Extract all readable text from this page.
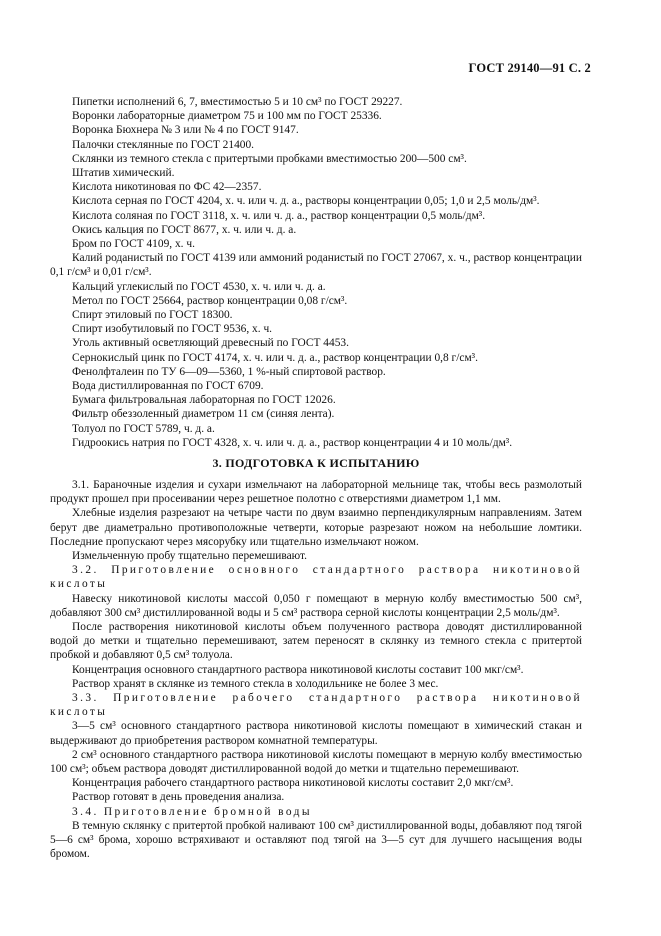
ГОСТ 29140—91 С. 2

Пипетки исполнений 6, 7, вместимостью 5 и 10 см³ по ГОСТ 29227.

Воронки лабораторные диаметром 75 и 100 мм по ГОСТ 25336.

Воронка Бюхнера № 3 или № 4 по ГОСТ 9147.

Палочки стеклянные по ГОСТ 21400.

Склянки из темного стекла с притертыми пробками вместимостью 200—500 см³.

Штатив химический.

Кислота никотиновая по ФС 42—2357.

Кислота серная по ГОСТ 4204, х. ч. или ч. д. а., растворы концентрации 0,05; 1,0 и 2,5 моль/дм³.

Кислота соляная по ГОСТ 3118, х. ч. или ч. д. а., раствор концентрации 0,5 моль/дм³.

Окись кальция по ГОСТ 8677, х. ч. или ч. д. а.

Бром по ГОСТ 4109, х. ч.

Калий роданистый по ГОСТ 4139 или аммоний роданистый по ГОСТ 27067, х. ч., раствор концентрации 0,1 г/см³ и 0,01 г/см³.

Кальций углекислый по ГОСТ 4530, х. ч. или ч. д. а.

Метол по ГОСТ 25664, раствор концентрации 0,08 г/см³.

Спирт этиловый по ГОСТ 18300.

Спирт изобутиловый по ГОСТ 9536, х. ч.

Уголь активный осветляющий древесный по ГОСТ 4453.

Сернокислый цинк по ГОСТ 4174, х. ч. или ч. д. а., раствор концентрации 0,8 г/см³.

Фенолфталеин по ТУ 6—09—5360, 1 %-ный спиртовой раствор.

Вода дистиллированная по ГОСТ 6709.

Бумага фильтровальная лабораторная по ГОСТ 12026.

Фильтр обеззоленный диаметром 11 см (синяя лента).

Толуол по ГОСТ 5789, ч. д. а.

Гидроокись натрия по ГОСТ 4328, х. ч. или ч. д. а., раствор концентрации 4 и 10 моль/дм³.

3. ПОДГОТОВКА К ИСПЫТАНИЮ

3.1. Бараночные изделия и сухари измельчают на лабораторной мельнице так, чтобы весь размолотый продукт прошел при просеивании через решетное полотно с отверстиями диаметром 1,1 мм.

Хлебные изделия разрезают на четыре части по двум взаимно перпендикулярным направлениям. Затем берут две диаметрально противоположные четверти, которые разрезают ножом на небольшие ломтики. Последние пропускают через мясорубку или тщательно измельчают ножом.

Измельченную пробу тщательно перемешивают.

3.2. Приготовление основного стандартного раствора никотиновой кислоты

Навеску никотиновой кислоты массой 0,050 г помещают в мерную колбу вместимостью 500 см³, добавляют 300 см³ дистиллированной воды и 5 см³ раствора серной кислоты концентрации 2,5 моль/дм³.

После растворения никотиновой кислоты объем полученного раствора доводят дистиллированной водой до метки и тщательно перемешивают, затем переносят в склянку из темного стекла с притертой пробкой и добавляют 0,5 см³ толуола.

Концентрация основного стандартного раствора никотиновой кислоты составит 100 мкг/см³.

Раствор хранят в склянке из темного стекла в холодильнике не более 3 мес.

3.3. Приготовление рабочего стандартного раствора никотиновой кислоты

3—5 см³ основного стандартного раствора никотиновой кислоты помещают в химический стакан и выдерживают до приобретения раствором комнатной температуры.

2 см³ основного стандартного раствора никотиновой кислоты помещают в мерную колбу вместимостью 100 см³; объем раствора доводят дистиллированной водой до метки и тщательно перемешивают.

Концентрация рабочего стандартного раствора никотиновой кислоты составит 2,0 мкг/см³.

Раствор готовят в день проведения анализа.

3.4. Приготовление бромной воды

В темную склянку с притертой пробкой наливают 100 см³ дистиллированной воды, добавляют под тягой 5—6 см³ брома, хорошо встряхивают и оставляют под тягой на 3—5 сут для лучшего насыщения воды бромом.
